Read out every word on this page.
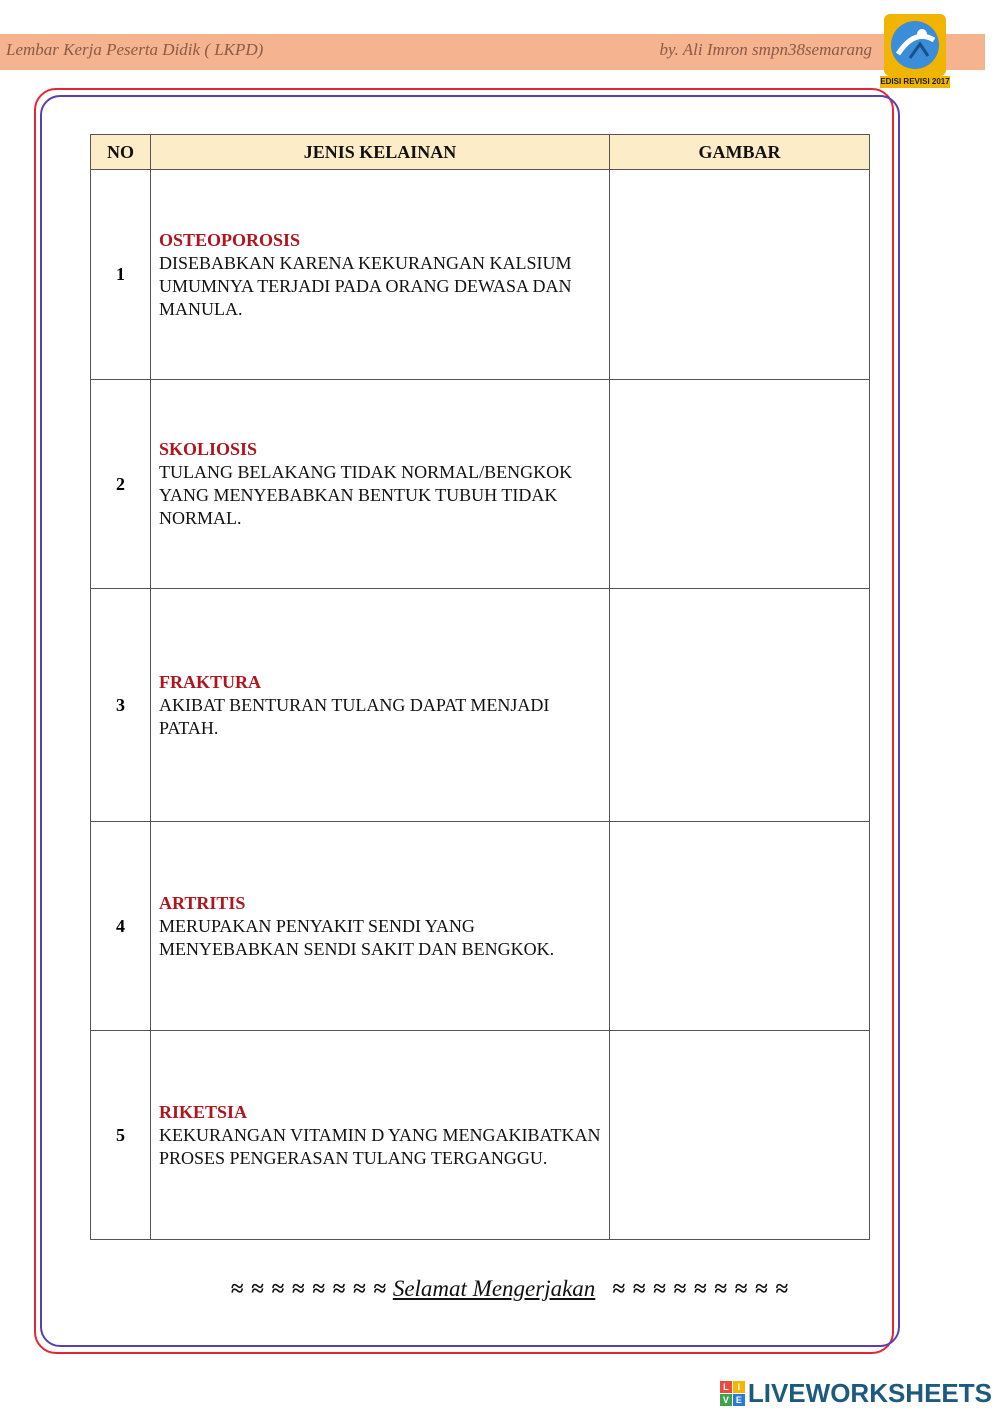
Lembar Kerja Peserta Didik ( LKPD)	by. Ali Imron smpn38semarang
EDISI REVISI 2017
NO	JENIS KELAINAN	GAMBAR
1	OSTEOPOROSIS
DISEBABKAN KARENA KEKURANGAN KALSIUM UMUMNYA TERJADI PADA ORANG DEWASA DAN MANULA.	
2	SKOLIOSIS
TULANG BELAKANG TIDAK NORMAL/BENGKOK YANG MENYEBABKAN BENTUK TUBUH TIDAK NORMAL.	
3	FRAKTURA
AKIBAT BENTURAN TULANG DAPAT MENJADI PATAH.	
4	ARTRITIS
MERUPAKAN PENYAKIT SENDI YANG MENYEBABKAN SENDI SAKIT DAN BENGKOK.	
5	RIKETSIA
KEKURANGAN VITAMIN D YANG MENGAKIBATKAN PROSES PENGERASAN TULANG TERGANGGU.	
≈ ≈ ≈ ≈ ≈ ≈ ≈ ≈ Selamat Mengerjakan ≈ ≈ ≈ ≈ ≈ ≈ ≈ ≈ ≈
L I
V E LIVEWORKSHEETS
